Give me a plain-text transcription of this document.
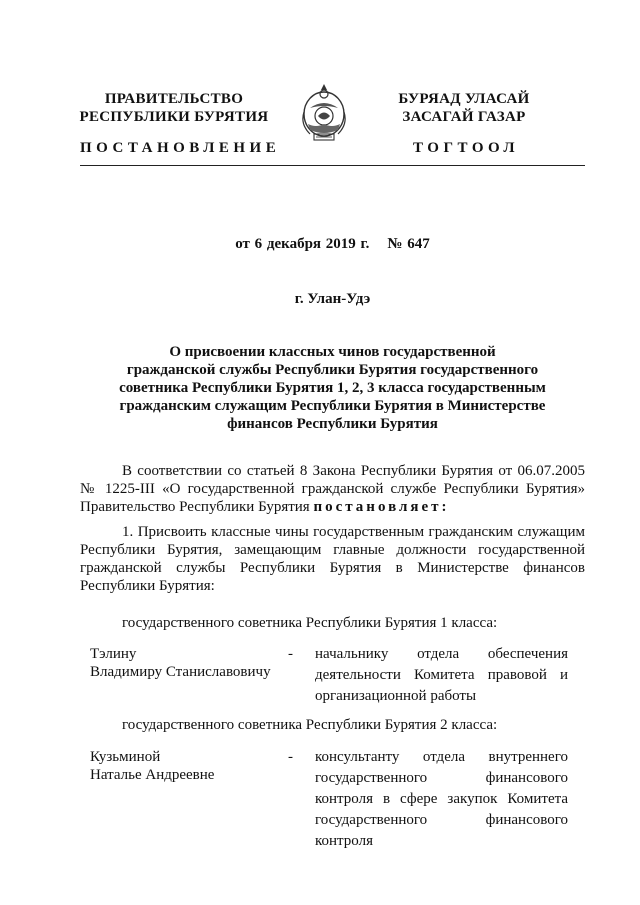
ПРАВИТЕЛЬСТВО
РЕСПУБЛИКИ БУРЯТИЯ
БУРЯАД УЛАСАЙ
ЗАСАГАЙ ГАЗАР
ПОСТАНОВЛЕНИЕ	ТОГТООЛ
от 6 декабря 2019 г. № 647
г. Улан-Удэ
О присвоении классных чинов государственной
гражданской службы Республики Бурятия государственного
советника Республики Бурятия 1, 2, 3 класса государственным
гражданским служащим Республики Бурятия в Министерстве
финансов Республики Бурятия
В соответствии со статьей 8 Закона Республики Бурятия от 06.07.2005 № 1225-III «О государственной гражданской службе Республики Бурятия» Правительство Республики Бурятия постановляет:
1. Присвоить классные чины государственным гражданским служащим Республики Бурятия, замещающим главные должности государственной гражданской службы Республики Бурятия в Министерстве финансов Республики Бурятия:
государственного советника Республики Бурятия 1 класса:
Тэлину
Владимиру Станиславовичу
- начальнику отдела обеспечения деятельности Комитета правовой и организационной работы
государственного советника Республики Бурятия 2 класса:
Кузьминой
Наталье Андреевне
- консультанту отдела внутреннего государственного финансового контроля в сфере закупок Комитета государственного финансового контроля
